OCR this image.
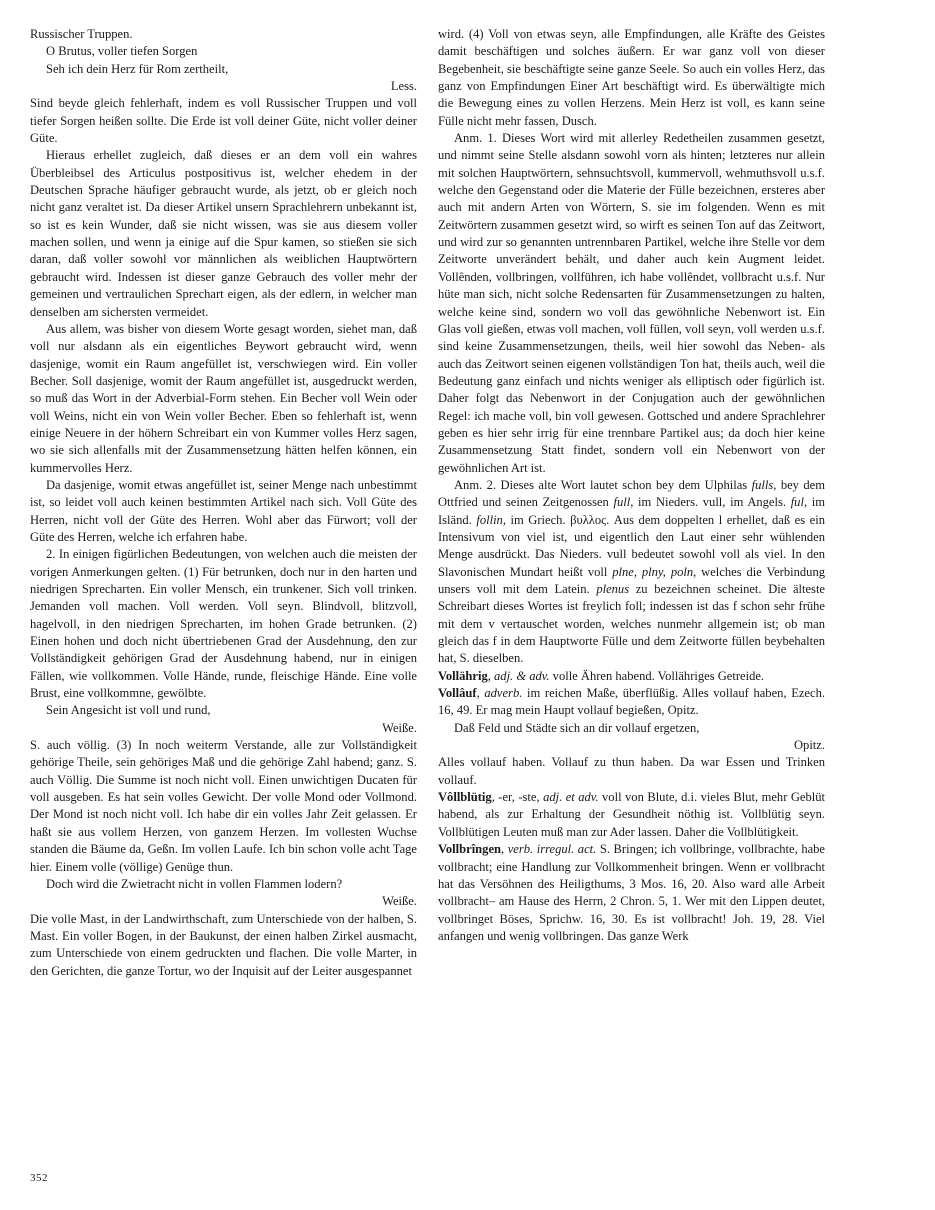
Russischer Truppen.

O Brutus, voller tiefen Sorgen

Seh ich dein Herz für Rom zertheilt,

Less.

Sind beyde gleich fehlerhaft, indem es voll Russischer Truppen und voll tiefer Sorgen heißen sollte. Die Erde ist voll deiner Güte, nicht voller deiner Güte.

Hieraus erhellet zugleich, daß dieses er an dem voll ein wahres Überbleibsel des Articulus postpositivus ist, welcher ehedem in der Deutschen Sprache häufiger gebraucht wurde, als jetzt, ob er gleich noch nicht ganz veraltet ist. Da dieser Artikel unsern Sprachlehrern unbekannt ist, so ist es kein Wunder, daß sie nicht wissen, was sie aus diesem voller machen sollen, und wenn ja einige auf die Spur kamen, so stießen sie sich daran, daß voller sowohl vor männlichen als weiblichen Hauptwörtern gebraucht wird. Indessen ist dieser ganze Gebrauch des voller mehr der gemeinen und vertraulichen Sprechart eigen, als der edlern, in welcher man denselben am sichersten vermeidet.

Aus allem, was bisher von diesem Worte gesagt worden, siehet man, daß voll nur alsdann als ein eigentliches Beywort gebraucht wird, wenn dasjenige, womit ein Raum angefüllet ist, verschwiegen wird. Ein voller Becher. Soll dasjenige, womit der Raum angefüllet ist, ausgedruckt werden, so muß das Wort in der Adverbial-Form stehen. Ein Becher voll Wein oder voll Weins, nicht ein von Wein voller Becher. Eben so fehlerhaft ist, wenn einige Neuere in der höhern Schreibart ein von Kummer volles Herz sagen, wo sie sich allenfalls mit der Zusammensetzung hätten helfen können, ein kummervolles Herz.

Da dasjenige, womit etwas angefüllet ist, seiner Menge nach unbestimmt ist, so leidet voll auch keinen bestimmten Artikel nach sich. Voll Güte des Herren, nicht voll der Güte des Herren. Wohl aber das Fürwort; voll der Güte des Herren, welche ich erfahren habe.

2. In einigen figürlichen Bedeutungen, von welchen auch die meisten der vorigen Anmerkungen gelten. (1) Für betrunken, doch nur in den harten und niedrigen Sprecharten. Ein voller Mensch, ein trunkener. Sich voll trinken. Jemanden voll machen. Voll werden. Voll seyn. Blindvoll, blitzvoll, hagelvoll, in den niedrigen Sprecharten, im hohen Grade betrunken. (2) Einen hohen und doch nicht übertriebenen Grad der Ausdehnung, den zur Vollständigkeit gehörigen Grad der Ausdehnung habend, nur in einigen Fällen, wie vollkommen. Volle Hände, runde, fleischige Hände. Eine volle Brust, eine vollkommne, gewölbte.

Sein Angesicht ist voll und rund,

Weiße.

S. auch völlig. (3) In noch weiterm Verstande, alle zur Vollständigkeit gehörige Theile, sein gehöriges Maß und die gehörige Zahl habend; ganz. S. auch Völlig. Die Summe ist noch nicht voll. Einen unwichtigen Ducaten für voll ausgeben. Es hat sein volles Gewicht. Der volle Mond oder Vollmond. Der Mond ist noch nicht voll. Ich habe dir ein volles Jahr Zeit gelassen. Er haßt sie aus vollem Herzen, von ganzem Herzen. Im vollesten Wuchse standen die Bäume da, Geßn. Im vollen Laufe. Ich bin schon volle acht Tage hier. Einem volle (völlige) Genüge thun.

Doch wird die Zwietracht nicht in vollen Flammen lodern?

Weiße.

Die volle Mast, in der Landwirthschaft, zum Unterschiede von der halben, S. Mast. Ein voller Bogen, in der Baukunst, der einen halben Zirkel ausmacht, zum Unterschiede von einem gedruckten und flachen. Die volle Marter, in den Gerichten, die ganze Tortur, wo der Inquisit auf der Leiter ausgespannet

wird. (4) Voll von etwas seyn, alle Empfindungen, alle Kräfte des Geistes damit beschäftigen und solches äußern. Er war ganz voll von dieser Begebenheit, sie beschäftigte seine ganze Seele. So auch ein volles Herz, das ganz von Empfindungen Einer Art beschäftigt wird. Es überwältigte mich die Bewegung eines zu vollen Herzens. Mein Herz ist voll, es kann seine Fülle nicht mehr fassen, Dusch.

Anm. 1. Dieses Wort wird mit allerley Redetheilen zusammen gesetzt, und nimmt seine Stelle alsdann sowohl vorn als hinten; letzteres nur allein mit solchen Hauptwörtern, sehnsuchtsvoll, kummervoll, wehmuthsvoll u.s.f. welche den Gegenstand oder die Materie der Fülle bezeichnen, ersteres aber auch mit andern Arten von Wörtern, S. sie im folgenden. Wenn es mit Zeitwörtern zusammen gesetzt wird, so wirft es seinen Ton auf das Zeitwort, und wird zur so genannten untrennbaren Partikel, welche ihre Stelle vor dem Zeitworte unverändert behält, und daher auch kein Augment leidet. Vollênden, vollbringen, vollführen, ich habe vollêndet, vollbracht u.s.f. Nur hüte man sich, nicht solche Redensarten für Zusammensetzungen zu halten, welche keine sind, sondern wo voll das gewöhnliche Nebenwort ist. Ein Glas voll gießen, etwas voll machen, voll füllen, voll seyn, voll werden u.s.f. sind keine Zusammensetzungen, theils, weil hier sowohl das Neben- als auch das Zeitwort seinen eigenen vollständigen Ton hat, theils auch, weil die Bedeutung ganz einfach und nichts weniger als elliptisch oder figürlich ist. Daher folgt das Nebenwort in der Conjugation auch der gewöhnlichen Regel: ich mache voll, bin voll gewesen. Gottsched und andere Sprachlehrer geben es hier sehr irrig für eine trennbare Partikel aus; da doch hier keine Zusammensetzung Statt findet, sondern voll ein Nebenwort von der gewöhnlichen Art ist.

Anm. 2. Dieses alte Wort lautet schon bey dem Ulphilas fulls, bey dem Ottfried und seinen Zeitgenossen full, im Nieders. vull, im Angels. ful, im Isländ. follin, im Griech. βυλλος. Aus dem doppelten l erhellet, daß es ein Intensivum von viel ist, und eigentlich den Laut einer sehr wühlenden Menge ausdrückt. Das Nieders. vull bedeutet sowohl voll als viel. In den Slavonischen Mundart heißt voll plne, plny, poln, welches die Verbindung unsers voll mit dem Latein. plenus zu bezeichnen scheinet. Die älteste Schreibart dieses Wortes ist freylich foll; indessen ist das f schon sehr frühe mit dem v vertauschet worden, welches nunmehr allgemein ist; ob man gleich das f in dem Hauptworte Fülle und dem Zeitworte füllen beybehalten hat, S. dieselben.

Vollährig, adj. & adv. volle Ähren habend. Vollähriges Getreide.

Vollâuf, adverb. im reichen Maße, überflüßig. Alles vollauf haben, Ezech. 16, 49. Er mag mein Haupt vollauf begießen, Opitz.

Daß Feld und Städte sich an dir vollauf ergetzen,

Opitz.

Alles vollauf haben. Vollauf zu thun haben. Da war Essen und Trinken vollauf.

Vôllblütig, -er, -ste, adj. et adv. voll von Blute, d.i. vieles Blut, mehr Geblüt habend, als zur Erhaltung der Gesundheit nöthig ist. Vollblütig seyn. Vollblütigen Leuten muß man zur Ader lassen. Daher die Vollblütigkeit.

Vollbrîngen, verb. irregul. act. S. Bringen; ich vollbringe, vollbrachte, habe vollbracht; eine Handlung zur Vollkommenheit bringen. Wenn er vollbracht hat das Versöhnen des Heiligthums, 3 Mos. 16, 20. Also ward alle Arbeit vollbracht– am Hause des Herrn, 2 Chron. 5, 1. Wer mit den Lippen deutet, vollbringet Böses, Sprichw. 16, 30. Es ist vollbracht! Joh. 19, 28. Viel anfangen und wenig vollbringen. Das ganze Werk

352
